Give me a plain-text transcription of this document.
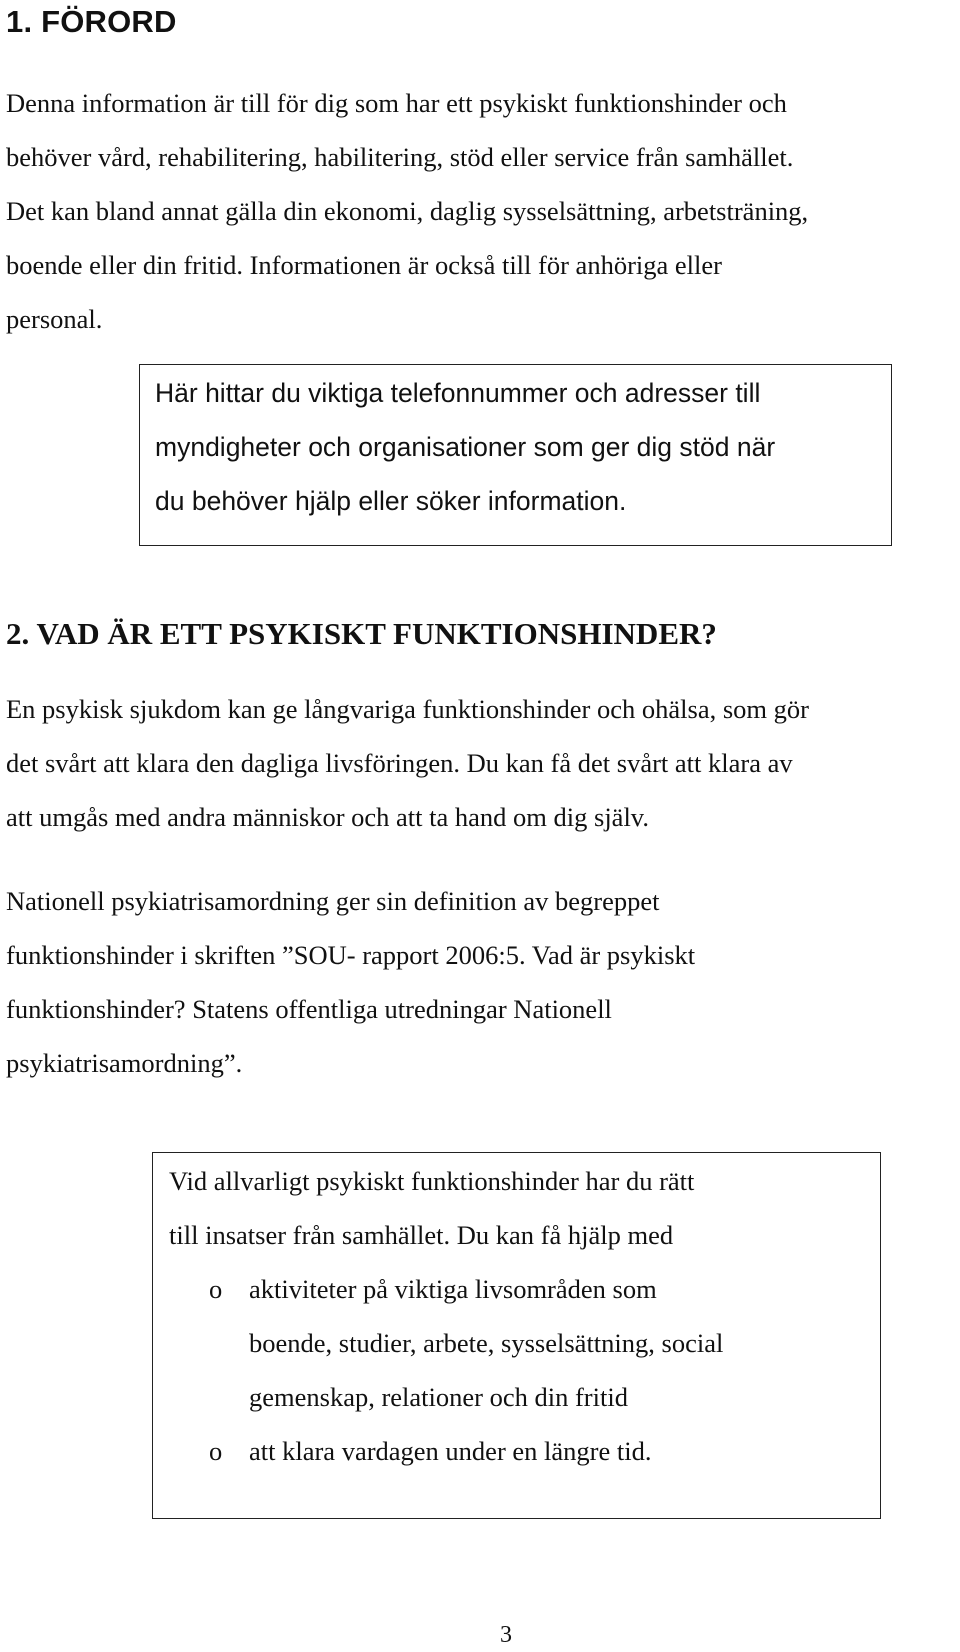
1. FÖRORD
Denna information är till för dig som har ett psykiskt funktionshinder och
behöver vård, rehabilitering, habilitering, stöd eller service från samhället.
Det kan bland annat gälla din ekonomi, daglig sysselsättning, arbetsträning,
boende eller din fritid. Informationen är också till för anhöriga eller
personal.
Här hittar du viktiga telefonnummer och adresser till
myndigheter och organisationer som ger dig stöd när
du behöver hjälp eller söker information.
2. VAD ÄR ETT PSYKISKT FUNKTIONSHINDER?
En psykisk sjukdom kan ge långvariga funktionshinder och ohälsa, som gör
det svårt att klara den dagliga livsföringen. Du kan få det svårt att klara av
att umgås med andra människor och att ta hand om dig själv.
Nationell psykiatrisamordning ger sin definition av begreppet
funktionshinder i skriften ”SOU- rapport 2006:5. Vad är psykiskt
funktionshinder? Statens offentliga utredningar Nationell
psykiatrisamordning”.
Vid allvarligt psykiskt funktionshinder har du rätt
till insatser från samhället. Du kan få hjälp med
o aktiviteter på viktiga livsområden som
boende, studier, arbete, sysselsättning, social
gemenskap, relationer och din fritid
o att klara vardagen under en längre tid.
3
